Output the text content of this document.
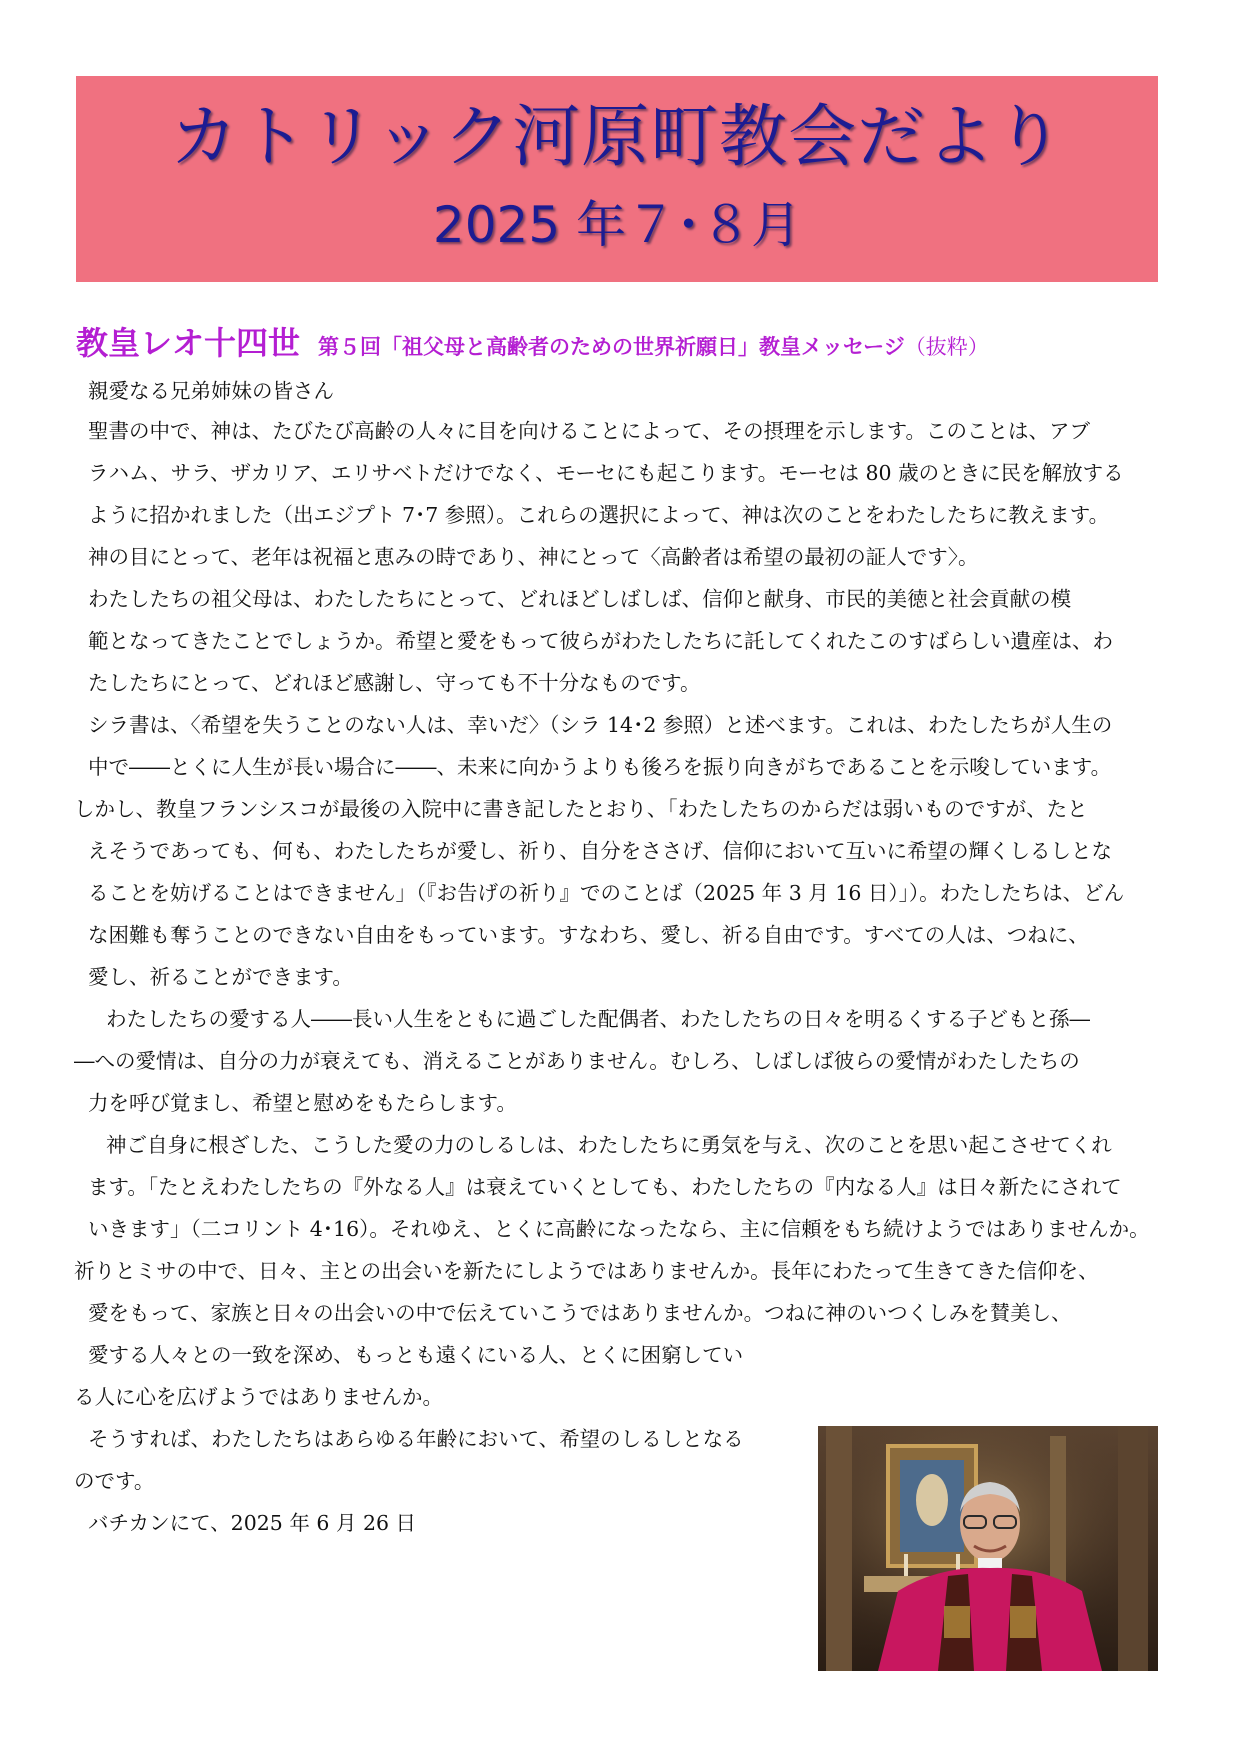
カトリック河原町教会だより
2025 年７･８月
教皇レオ十四世 第５回「祖父母と高齢者のための世界祈願日」教皇メッセージ（抜粋）
親愛なる兄弟姉妹の皆さん
聖書の中で、神は、たびたび高齢の人々に目を向けることによって、その摂理を示します。このことは、アブ
ラハム、サラ、ザカリア、エリサベトだけでなく、モーセにも起こります。モーセは 80 歳のときに民を解放する
ように招かれました（出エジプト 7･7 参照）。これらの選択によって、神は次のことをわたしたちに教えます。
神の目にとって、老年は祝福と恵みの時であり、神にとって〈高齢者は希望の最初の証人です〉。
わたしたちの祖父母は、わたしたちにとって、どれほどしばしば、信仰と献身、市民的美徳と社会貢献の模
範となってきたことでしょうか。希望と愛をもって彼らがわたしたちに託してくれたこのすばらしい遺産は、わ
たしたちにとって、どれほど感謝し、守っても不十分なものです。
シラ書は、〈希望を失うことのない人は、幸いだ〉（シラ 14･2 参照）と述べます。これは、わたしたちが人生の
中で――とくに人生が長い場合に――、未来に向かうよりも後ろを振り向きがちであることを示唆しています。
しかし、教皇フランシスコが最後の入院中に書き記したとおり、「わたしたちのからだは弱いものですが、たと
えそうであっても、何も、わたしたちが愛し、祈り、自分をささげ、信仰において互いに希望の輝くしるしとな
ることを妨げることはできません」（『お告げの祈り』でのことば（2025 年 3 月 16 日）」）。わたしたちは、どん
な困難も奪うことのできない自由をもっています。すなわち、愛し、祈る自由です。すべての人は、つねに、
愛し、祈ることができます。
わたしたちの愛する人――長い人生をともに過ごした配偶者、わたしたちの日々を明るくする子どもと孫―
―への愛情は、自分の力が衰えても、消えることがありません。むしろ、しばしば彼らの愛情がわたしたちの
力を呼び覚まし、希望と慰めをもたらします。
神ご自身に根ざした、こうした愛の力のしるしは、わたしたちに勇気を与え、次のことを思い起こさせてくれ
ます。「たとえわたしたちの『外なる人』は衰えていくとしても、わたしたちの『内なる人』は日々新たにされて
いきます」（二コリント 4･16）。それゆえ、とくに高齢になったなら、主に信頼をもち続けようではありませんか。
祈りとミサの中で、日々、主との出会いを新たにしようではありませんか。長年にわたって生きてきた信仰を、
愛をもって、家族と日々の出会いの中で伝えていこうではありませんか。つねに神のいつくしみを賛美し、
愛する人々との一致を深め、もっとも遠くにいる人、とくに困窮してい
る人に心を広げようではありませんか。
そうすれば、わたしたちはあらゆる年齢において、希望のしるしとなる
のです。
バチカンにて、2025 年 6 月 26 日
